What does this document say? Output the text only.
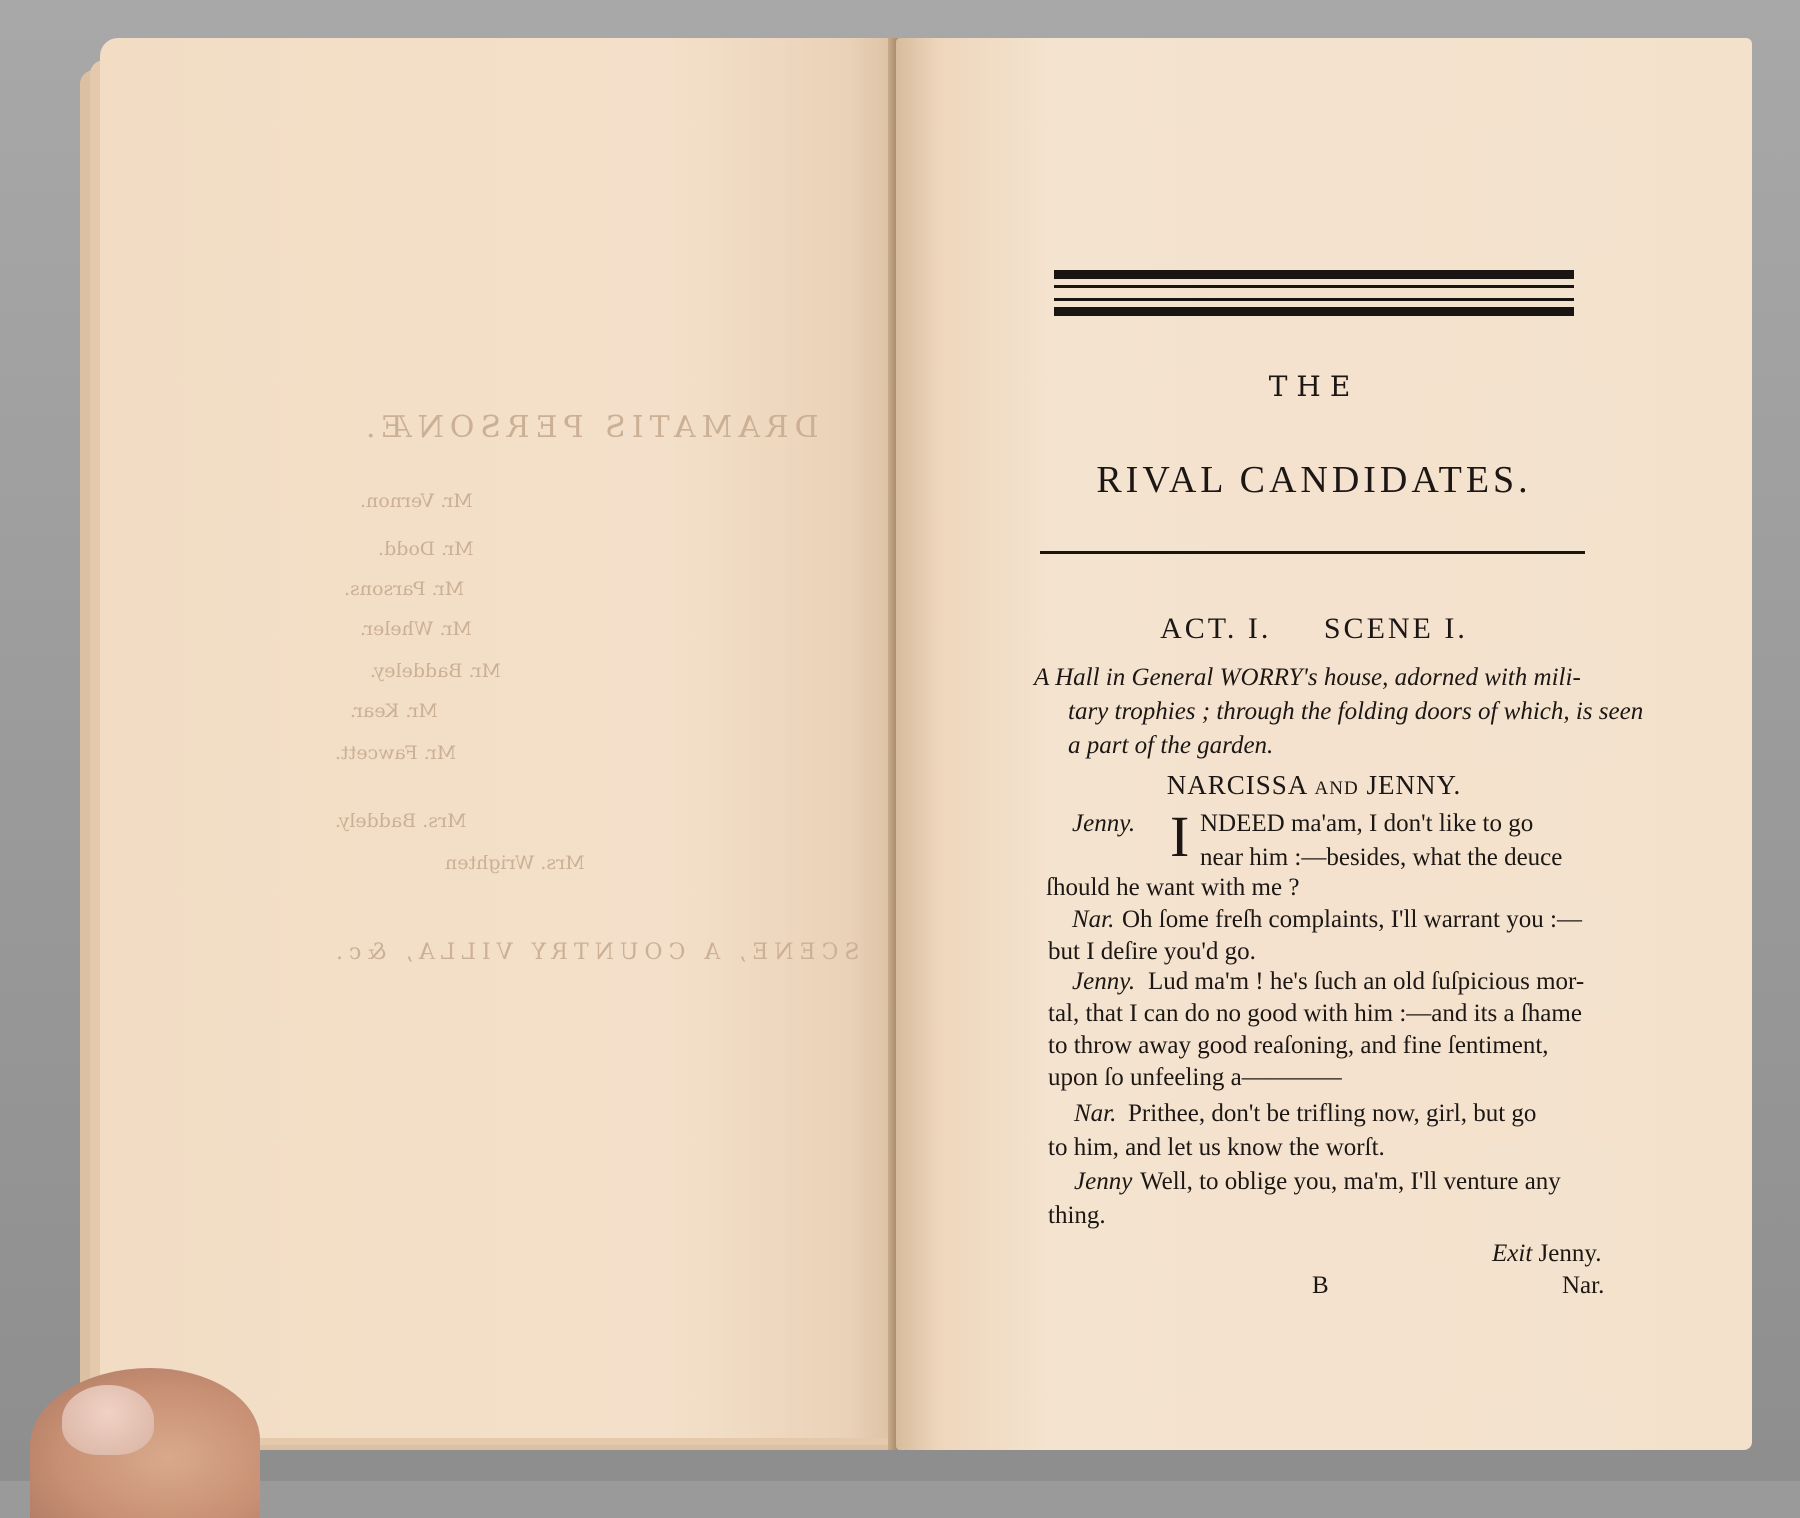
DRAMATIS PERSONÆ.
Mr. Vernon.
Mr. Dodd.
Mr. Parsons.
Mr. Wheler.
Mr. Baddeley.
Mr. Kear.
Mr. Fawcett.
Mrs. Baddely.
Mrs. Wrighten
SCENE, A COUNTRY VILLA, &c.
THE
RIVAL CANDIDATES.
ACT. I.     SCENE I.
A Hall in General WORRY's house, adorned with mili-
tary trophies ; through the folding doors of which, is seen
a part of the garden.
NARCISSA and JENNY.
Jenny. I NDEED ma'am, I don't like to go
near him :—besides, what the deuce
ſhould he want with me ?
Nar. Oh ſome freſh complaints, I'll warrant you :—
but I deſire you'd go.
Jenny. Lud ma'm ! he's ſuch an old ſuſpicious mor-
tal, that I can do no good with him :—and its a ſhame
to throw away good reaſoning, and fine ſentiment,
upon ſo unfeeling a————
Nar. Prithee, don't be trifling now, girl, but go
to him, and let us know the worſt.
Jenny Well, to oblige you, ma'm, I'll venture any
thing.
Exit Jenny.
B	Nar.
